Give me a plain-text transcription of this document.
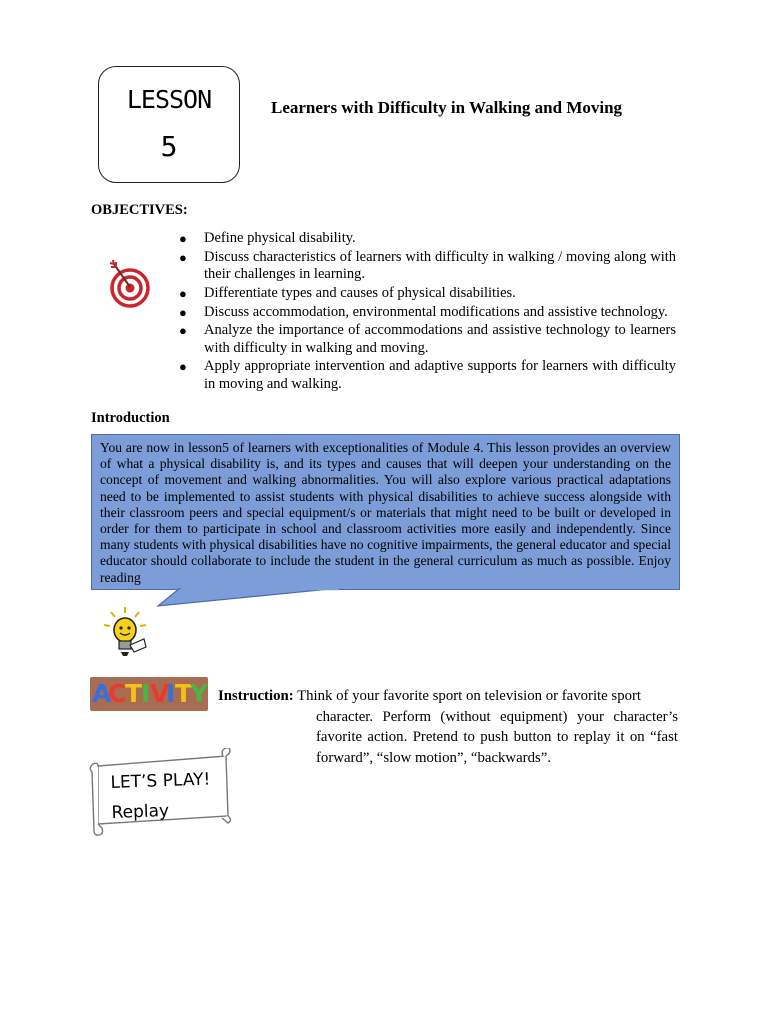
LESSON
5
Learners with Difficulty in Walking and Moving
OBJECTIVES:
● Define physical disability.
● Discuss characteristics of learners with difficulty in walking / moving along with their challenges in learning.
● Differentiate types and causes of physical disabilities.
● Discuss accommodation, environmental modifications and assistive technology.
● Analyze the importance of accommodations and assistive technology to learners with difficulty in walking and moving.
● Apply appropriate intervention and adaptive supports for learners with difficulty in moving and walking.
Introduction
You are now in lesson5 of learners with exceptionalities of Module 4. This lesson provides an overview of what a physical disability is, and its types and causes that will deepen your understanding on the concept of movement and walking abnormalities. You will also explore various practical adaptations need to be implemented to assist students with physical disabilities to achieve success alongside with their classroom peers and special equipment/s or materials that might need to be built or developed in order for them to participate in school and classroom activities more easily and independently. Since many students with physical disabilities have no cognitive impairments, the general educator and special educator should collaborate to include the student in the general curriculum as much as possible. Enjoy reading
A
C T I V
I T
Y Instruction: Think of your favorite sport on television or favorite sport
character. Perform (without equipment) your character’s favorite action. Pretend to push button to replay it on “fast forward”, “slow motion”, “backwards”.
LET’S PLAY!
Replay
